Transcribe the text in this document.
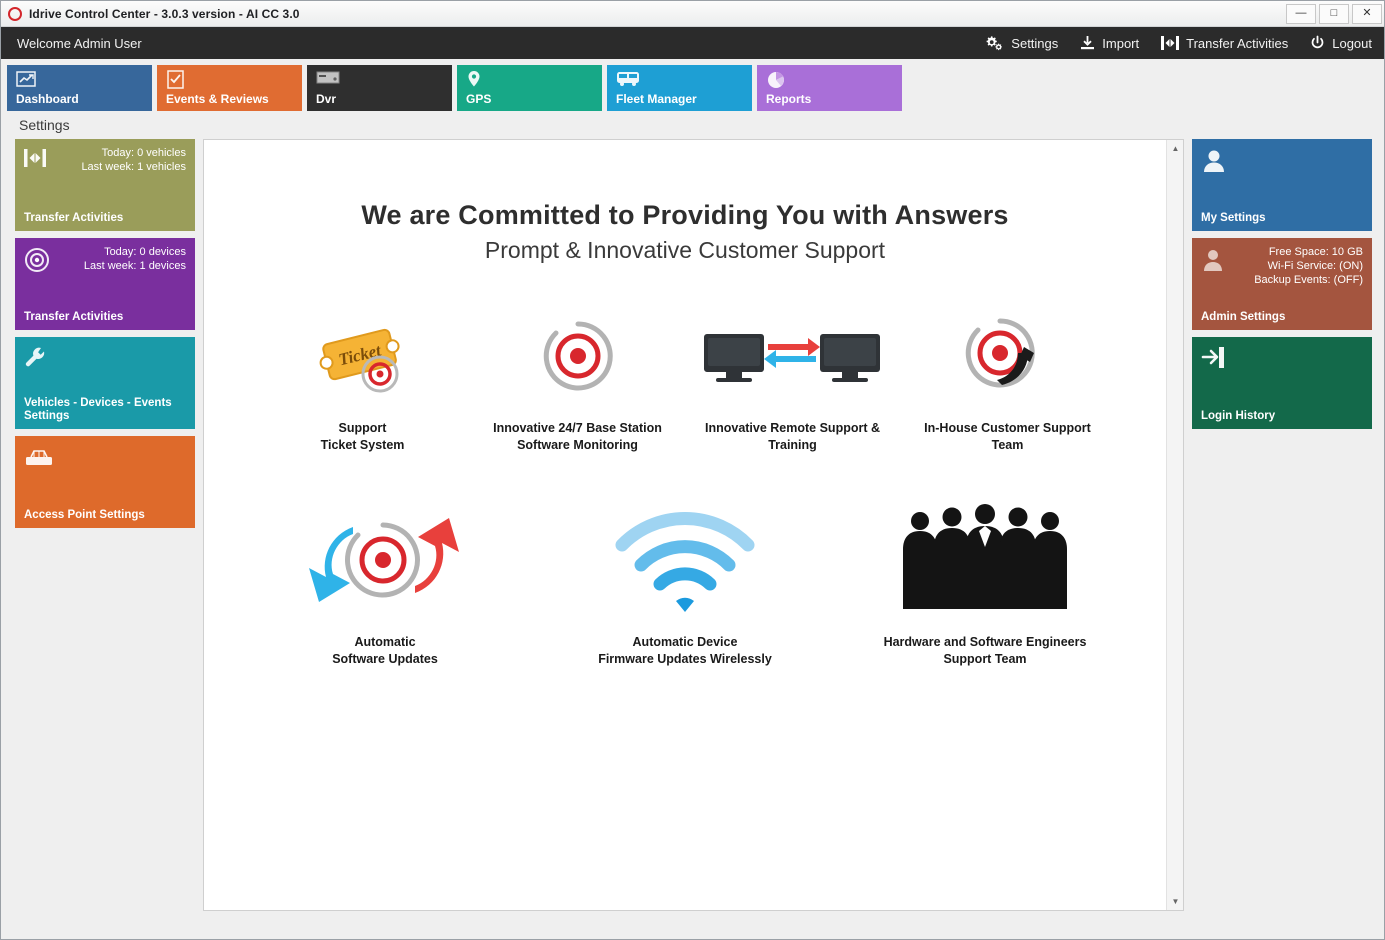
Idrive Control Center - 3.0.3 version - AI CC 3.0	—	□	✕
Welcome Admin User	Settings	Import	Transfer Activities	Logout
Dashboard	Events & Reviews	Dvr	GPS	Fleet Manager	Reports
Settings
Today: 0 vehicles
Last week: 1 vehicles
Transfer Activities
Today: 0 devices
Last week: 1 devices
Transfer Activities
Vehicles - Devices - Events Settings
Access Point Settings
We are Committed to Providing You with Answers
Prompt & Innovative Customer Support
Ticket
Support
Ticket System
Innovative 24/7 Base Station
Software Monitoring
Innovative Remote Support &
Training
In-House Customer Support
Team
Automatic
Software Updates
Automatic Device
Firmware Updates Wirelessly
Hardware and Software Engineers
Support Team
▲
▼
My Settings
Free Space: 10 GB
Wi-Fi Service: (ON)
Backup Events: (OFF)
Admin Settings
Login History
